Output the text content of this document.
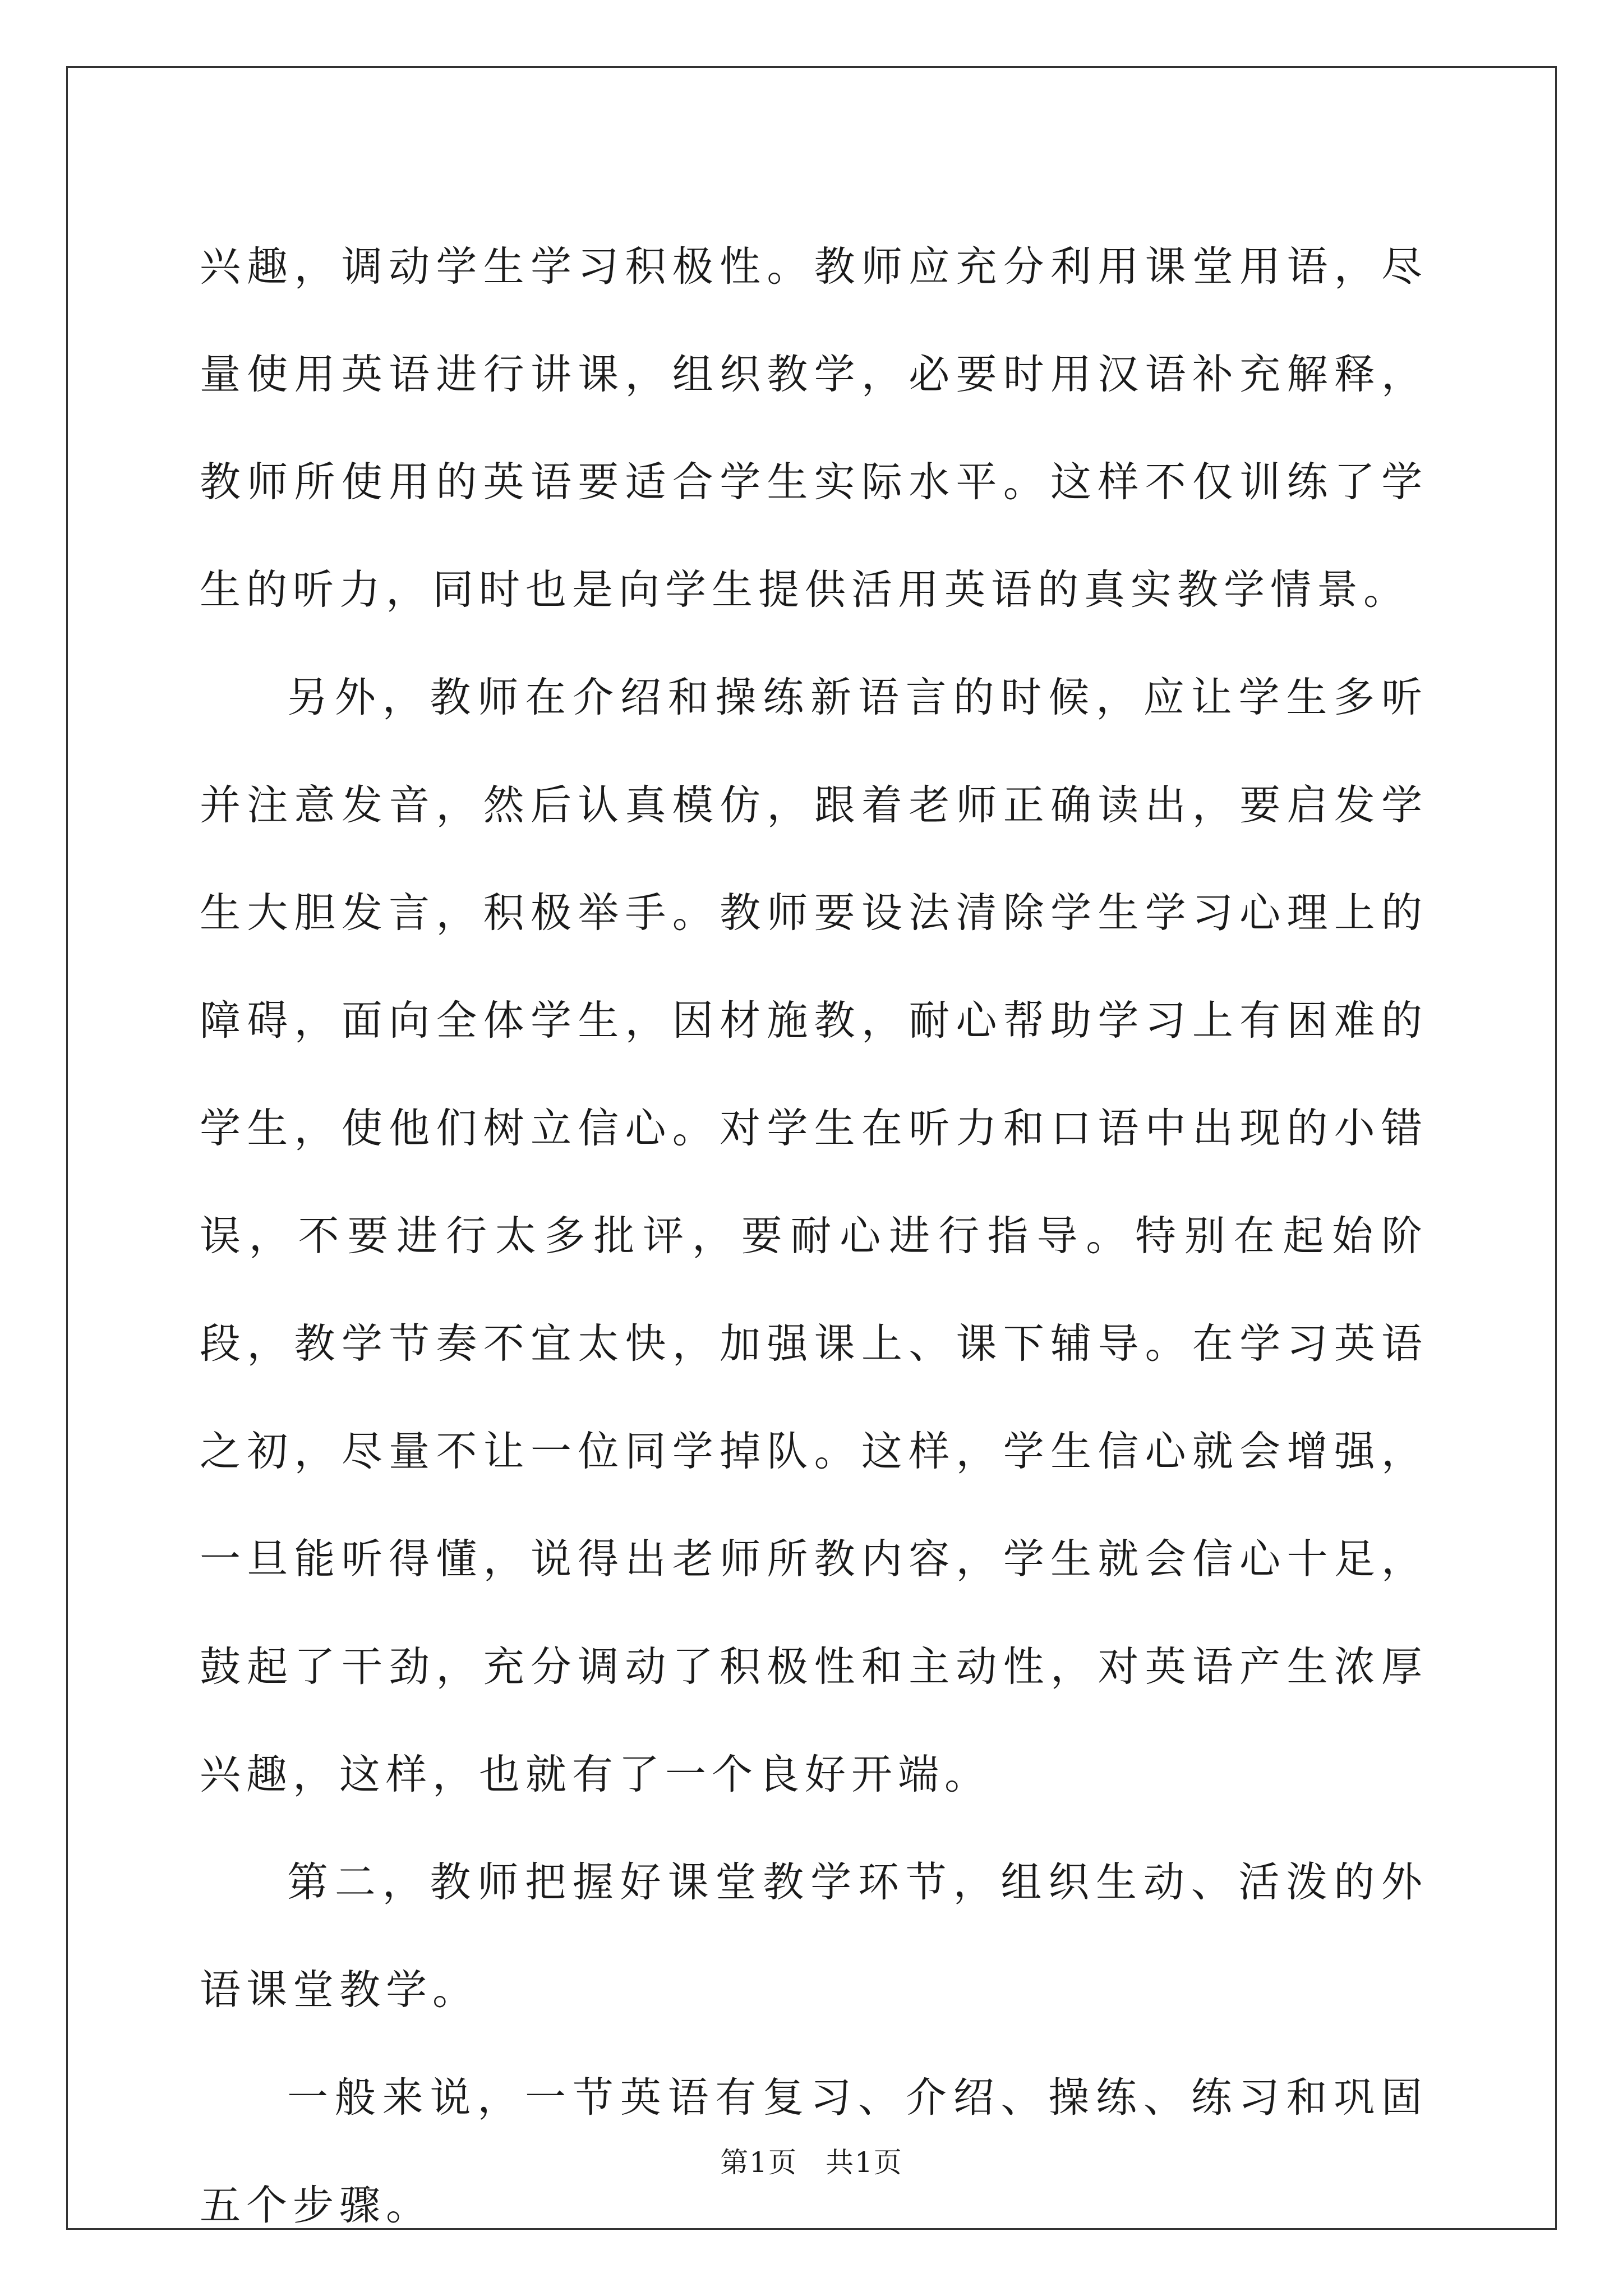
兴趣，调动学生学习积极性。教师应充分利用课堂用语，尽量使用英语进行讲课，组织教学，必要时用汉语补充解释，教师所使用的英语要适合学生实际水平。这样不仅训练了学生的听力，同时也是向学生提供活用英语的真实教学情景。

另外，教师在介绍和操练新语言的时候，应让学生多听并注意发音，然后认真模仿，跟着老师正确读出，要启发学生大胆发言，积极举手。教师要设法清除学生学习心理上的障碍，面向全体学生，因材施教，耐心帮助学习上有困难的学生，使他们树立信心。对学生在听力和口语中出现的小错误，不要进行太多批评，要耐心进行指导。特别在起始阶段，教学节奏不宜太快，加强课上、课下辅导。在学习英语之初，尽量不让一位同学掉队。这样，学生信心就会增强，一旦能听得懂，说得出老师所教内容，学生就会信心十足，鼓起了干劲，充分调动了积极性和主动性，对英语产生浓厚兴趣，这样，也就有了一个良好开端。

第二，教师把握好课堂教学环节，组织生动、活泼的外语课堂教学。

一般来说，一节英语有复习、介绍、操练、练习和巩固五个步骤。

第1页 共1页
